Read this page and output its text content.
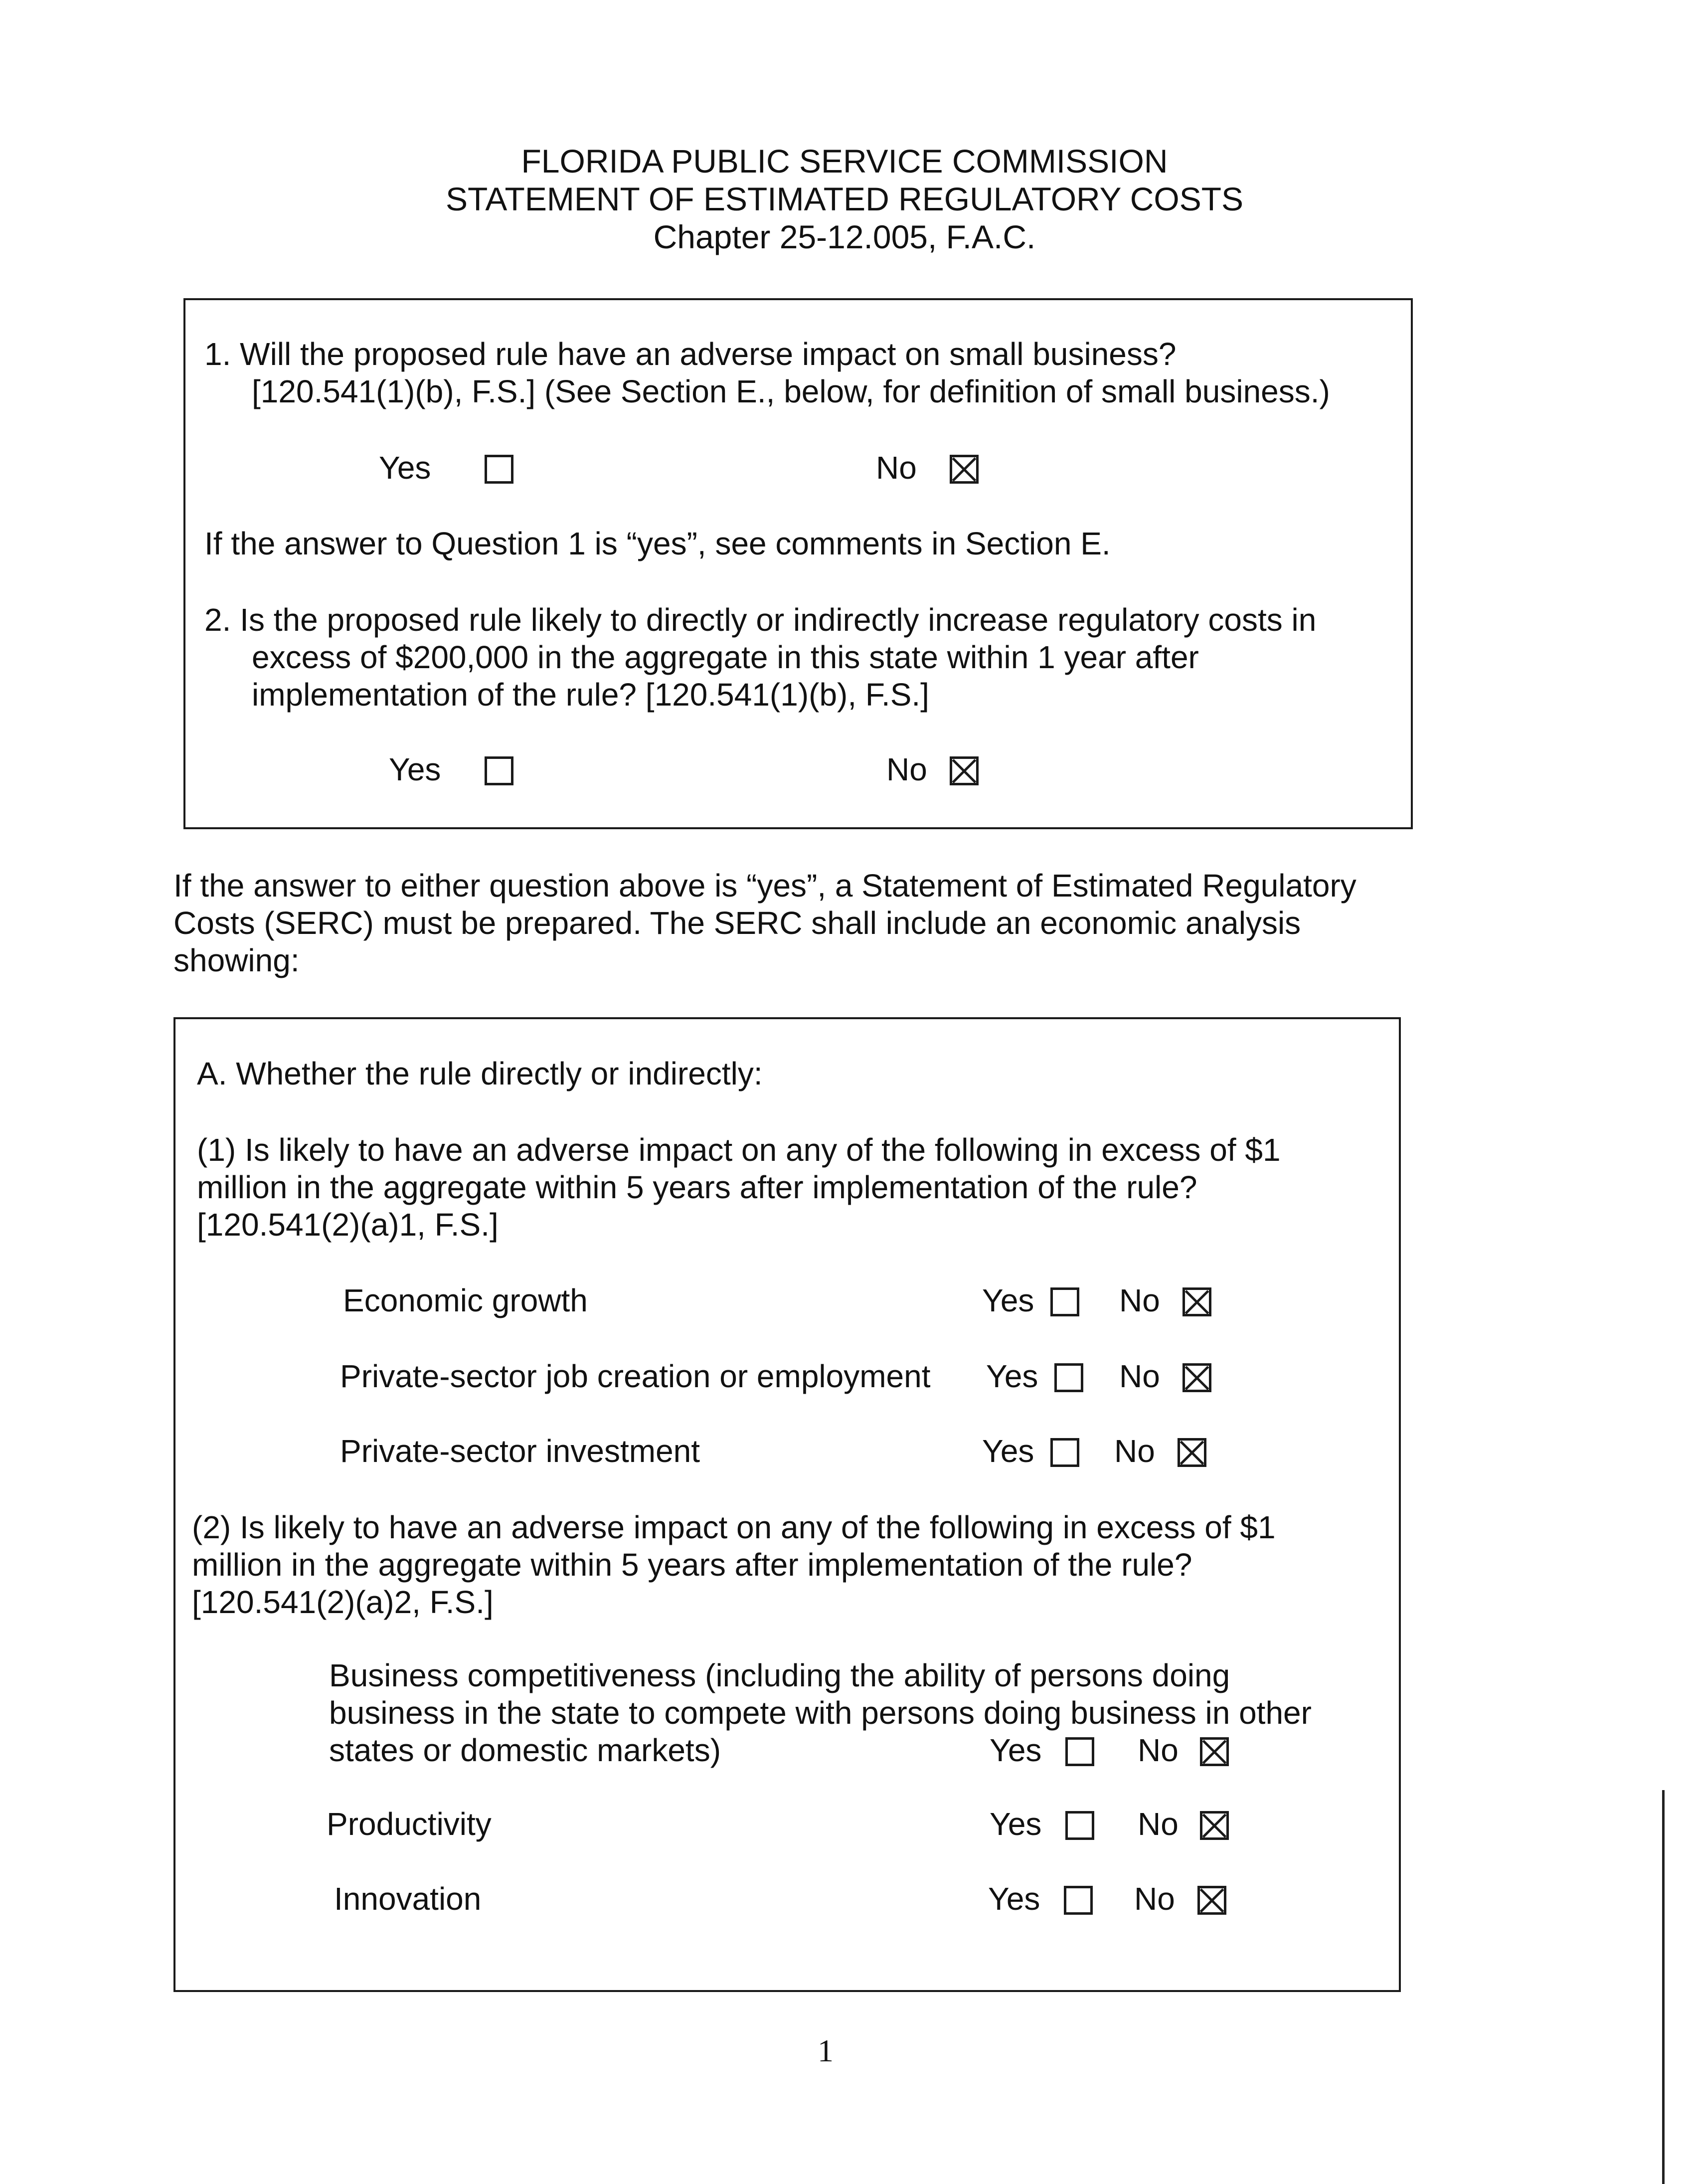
FLORIDA PUBLIC SERVICE COMMISSION
STATEMENT OF ESTIMATED REGULATORY COSTS
Chapter 25-12.005, F.A.C.
1. Will the proposed rule have an adverse impact on small business?
[120.541(1)(b), F.S.] (See Section E., below, for definition of small business.)
Yes	No
If the answer to Question 1 is “yes”, see comments in Section E.
2. Is the proposed rule likely to directly or indirectly increase regulatory costs in
excess of $200,000 in the aggregate in this state within 1 year after
implementation of the rule? [120.541(1)(b), F.S.]
Yes	No
If the answer to either question above is “yes”, a Statement of Estimated Regulatory
Costs (SERC) must be prepared. The SERC shall include an economic analysis
showing:
A. Whether the rule directly or indirectly:
(1) Is likely to have an adverse impact on any of the following in excess of $1
million in the aggregate within 5 years after implementation of the rule?
[120.541(2)(a)1, F.S.]
Economic growth	Yes	No
Private-sector job creation or employment Yes	No
Private-sector investment	Yes	No
(2) Is likely to have an adverse impact on any of the following in excess of $1
million in the aggregate within 5 years after implementation of the rule?
[120.541(2)(a)2, F.S.]
Business competitiveness (including the ability of persons doing
business in the state to compete with persons doing business in other
states or domestic markets)	Yes	No
Productivity	Yes	No
Innovation	Yes	No
1
